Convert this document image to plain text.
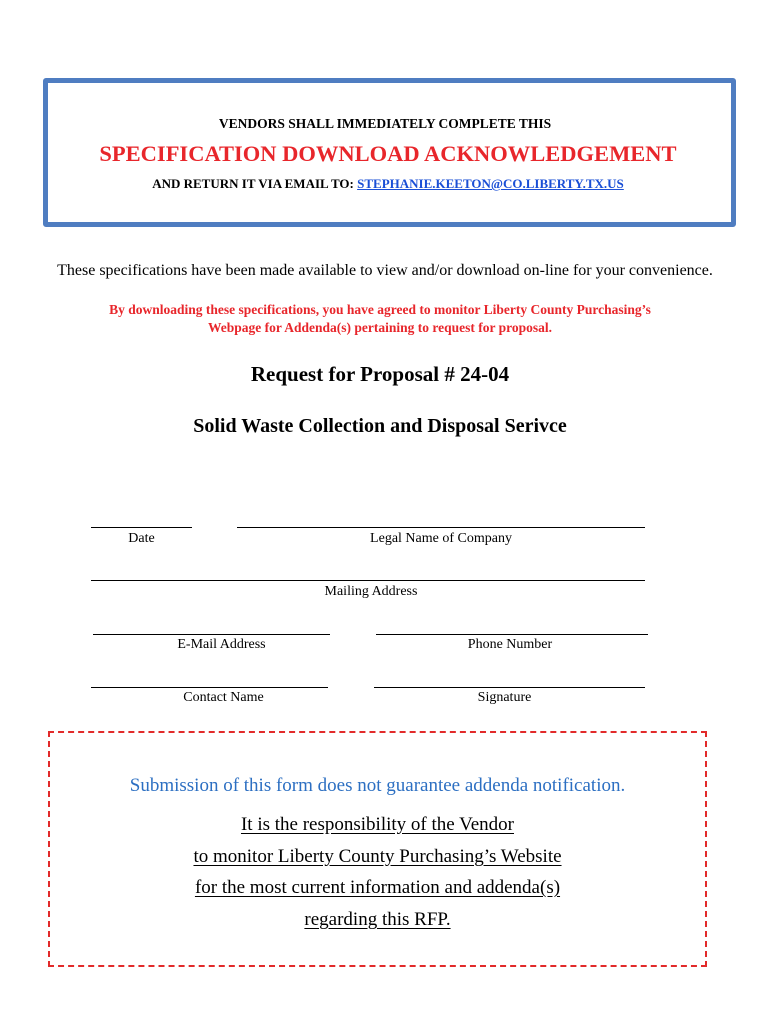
VENDORS SHALL IMMEDIATELY COMPLETE THIS
SPECIFICATION DOWNLOAD ACKNOWLEDGEMENT
AND RETURN IT VIA EMAIL TO: STEPHANIE.KEETON@CO.LIBERTY.TX.US
These specifications have been made available to view and/or download on-line for your convenience.
By downloading these specifications, you have agreed to monitor Liberty County Purchasing’s
Webpage for Addenda(s) pertaining to request for proposal.
Request for Proposal # 24-04
Solid Waste Collection and Disposal Serivce
Date	Legal Name of Company
Mailing Address
E-Mail Address	Phone Number
Contact Name	Signature
Submission of this form does not guarantee addenda notification.
It is the responsibility of the Vendor
to monitor Liberty County Purchasing’s Website
for the most current information and addenda(s)
regarding this RFP.
